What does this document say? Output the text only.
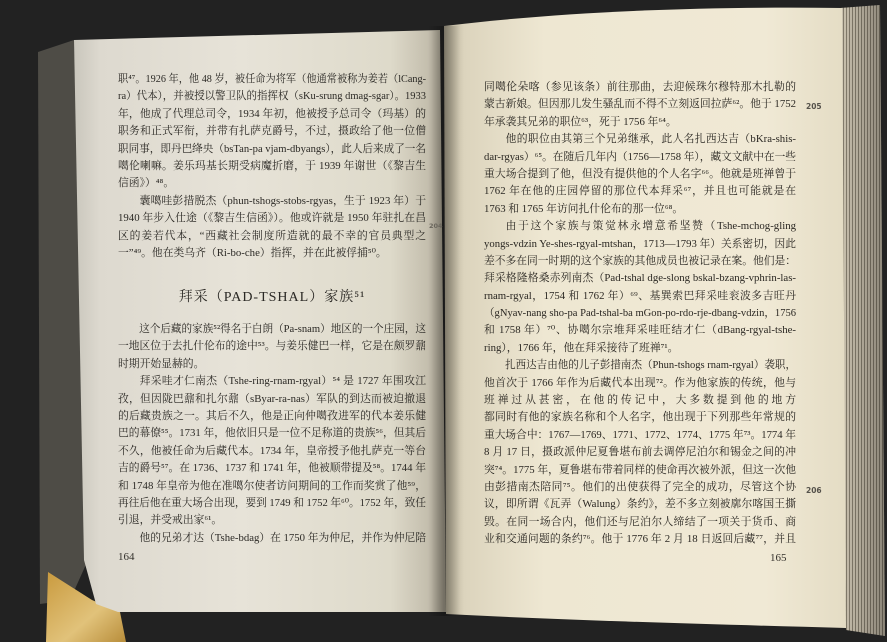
职⁴⁷。1926 年，他 48 岁，被任命为将军（他通常被称为姜若（lCang-
ra）代本），并被授以警卫队的指挥权（sKu-srung dmag-sgar）。1933
年，他成了代理总司令，1934 年初，他被授予总司令（玛基）的
职务和正式军衔，并带有扎萨克爵号，不过，摄政给了他一位僧
职同事，即丹巴绛央（bsTan-pa vjam-dbyangs），此人后来成了一名
噶伦喇嘛。姜乐玛基长期受病魔折磨，于 1939 年谢世（《黎吉生
信函》）⁴⁸。
囊噶哇彭措脱杰（phun-tshogs-stobs-rgyas，生于 1923 年）于
1940 年步入仕途（《黎吉生信函》）。他或许就是 1950 年驻扎在昌
区的姜若代本，“西藏社会制度所造就的最不幸的官员典型之
一”⁴⁹。他在类乌齐（Ri-bo-che）指挥，并在此被俘捕⁵⁰。
拜采（PAD-TSHAL）家族⁵¹
这个后藏的家族⁵²得名于白朗（Pa-snam）地区的一个庄园，这
一地区位于去扎什伦布的途中⁵³。与姜乐健巴一样，它是在颇罗鼐
时期开始显赫的。
拜采哇才仁南杰（Tshe-ring-rnam-rgyal）⁵⁴ 是 1727 年围攻江
孜，但因陇巴鼐和扎尔鼐（sByar-ra-nas）军队的到达而被迫撤退
的后藏贵族之一。其后不久，他是正向仲噶孜进军的代本姜乐健
巴的幕僚⁵⁵。1731 年，他依旧只是一位不足称道的贵族⁵⁶，但其后
不久，他被任命为后藏代本。1734 年，皇帝授予他扎萨克一等台
吉的爵号⁵⁷。在 1736、1737 和 1741 年，他被顺带提及⁵⁸。1744 年
和 1748 年皇帝为他在准噶尔使者访问期间的工作而奖赏了他⁵⁹，
再往后他在重大场合出现，要到 1749 和 1752 年⁶⁰。1752 年，致任
引退，并受戒出家⁶¹。
他的兄弟才达（Tshe-bdag）在 1750 年为仲尼，并作为仲尼陪
204
164
同噶伦朵喀（参见该条）前往那曲，去迎候珠尔穆特那木扎勒的
蒙古新娘。但因那儿发生骚乱而不得不立刻返回拉萨⁶²。他于 1752
年承袭其兄弟的职位⁶³，死于 1756 年⁶⁴。
他的职位由其第三个兄弟继承，此人名扎西达吉（bKra-shis-
dar-rgyas）⁶⁵。在随后几年内（1756—1758 年），藏文文献中在一些
重大场合提到了他，但没有提供他的个人名字⁶⁶。他就是班禅曾于
1762 年在他的庄园停留的那位代本拜采⁶⁷，并且也可能就是在
1763 和 1765 年访问扎什伦布的那一位⁶⁸。
由于这个家族与策觉林永增意希坚赞（Tshe-mchog-gling
yongs-vdzin Ye-shes-rgyal-mtshan，1713—1793 年）关系密切，因此
差不多在同一时期的这个家族的其他成员也被记录在案。他们是：
拜采格隆格桑赤列南杰（Pad-tshal dge-slong bskal-bzang-vphrin-las-
rnam-rgyal，1754 和 1762 年）⁶⁹、基巽索巴拜采哇衮波多吉旺丹
（gNyav-nang sho-pa Pad-tshal-ba mGon-po-rdo-rje-dbang-vdzin，1756
和 1758 年）⁷⁰、协噶尔宗堆拜采哇旺结才仁（dBang-rgyal-tshe-
ring），1766 年，他在拜采接待了班禅⁷¹。
扎西达吉由他的儿子彭措南杰（Phun-tshogs rnam-rgyal）袭职，
他首次于 1766 年作为后藏代本出现⁷²。作为他家族的传统，他与
班禅过从甚密，在他的传记中，大多数提到他的地方
都同时有他的家族名称和个人名字，他出现于下列那些年常规的
重大场合中：1767—1769、1771、1772、1774、1775 年⁷³。1774 年
8 月 17 日，摄政派仲尼夏鲁堪布前去调停尼泊尔和锡金之间的冲
突⁷⁴。1775 年，夏鲁堪布带着同样的使命再次被外派，但这一次他
由彭措南杰陪同⁷⁵。他们的出使获得了完全的成功，尽管这个协
议，即所谓《瓦弄（Walung）条约》，差不多立刻被廓尔喀国王撕
毁。在同一场合内，他们还与尼泊尔人缔结了一项关于货币、商
业和交通问题的条约⁷⁶。他于 1776 年 2 月 18 日返回后藏⁷⁷，并且
205
206
165
